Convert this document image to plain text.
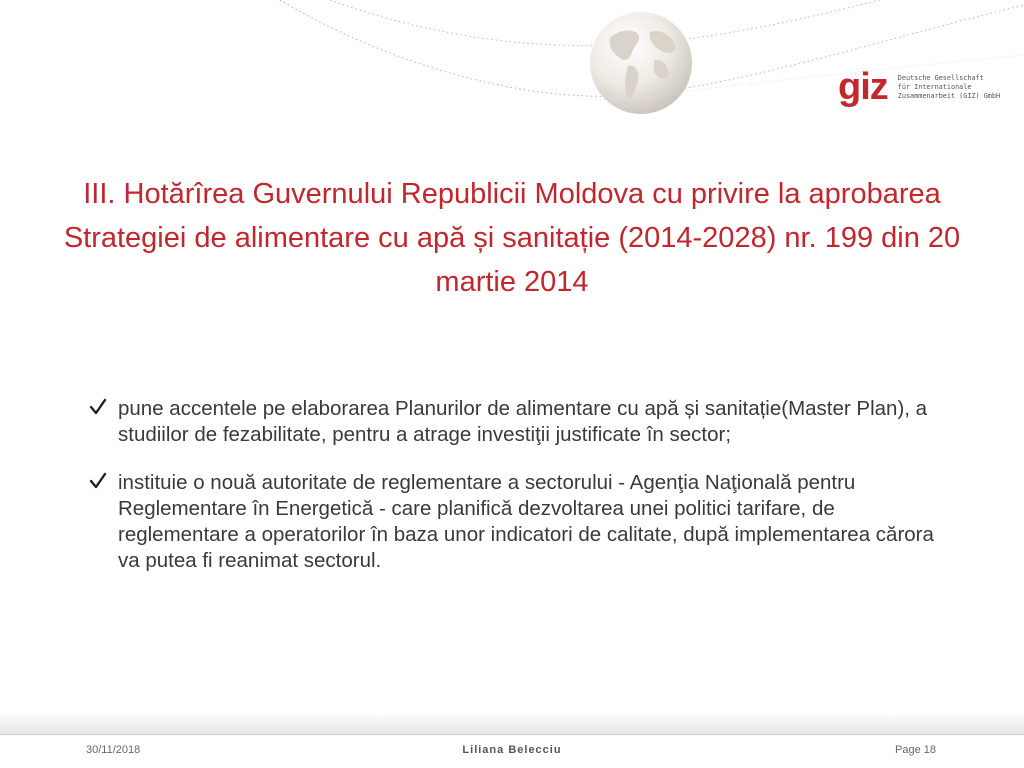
giz Deutsche Gesellschaft
für Internationale
Zusammenarbeit (GIZ) GmbH
III. Hotărîrea Guvernului Republicii Moldova cu privire la aprobarea Strategiei de alimentare cu apă și sanitație (2014-2028) nr. 199 din 20 martie 2014
pune accentele pe elaborarea Planurilor de alimentare cu apă și sanitație(Master Plan), a studiilor de fezabilitate, pentru a atrage investiţii justificate în sector;
instituie o nouă autoritate de reglementare a sectorului - Agenţia Naţională pentru Reglementare în Energetică - care planifică dezvoltarea unei politici tarifare, de reglementare a operatorilor în baza unor indicatori de calitate, după implementarea cărora va putea fi reanimat sectorul.
30/11/2018	Liliana Belecciu	Page 18
